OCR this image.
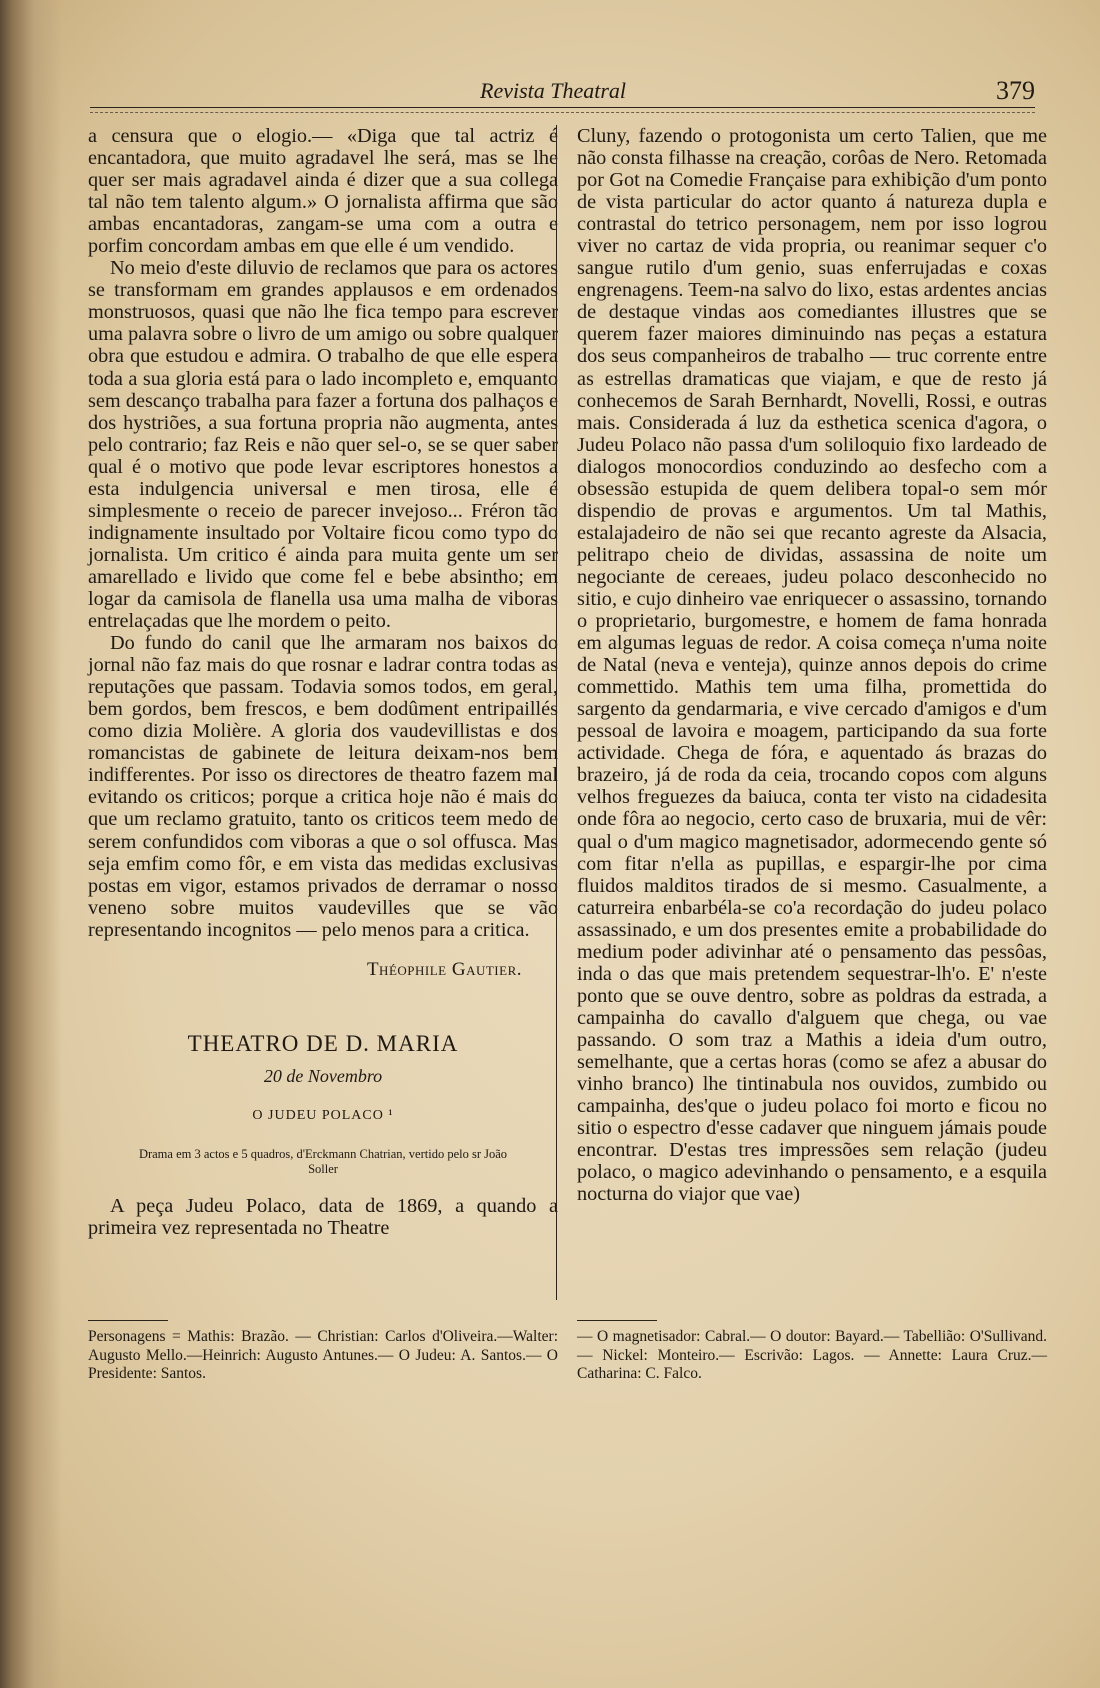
Revista Theatral	379

a censura que o elogio.— «Diga que tal actriz é encantadora, que muito agradavel lhe será, mas se lhe quer ser mais agradavel ainda é dizer que a sua collega tal não tem talento algum.» O jornalista affirma que são ambas encantadoras, zangam-se uma com a outra e porfim concordam ambas em que elle é um vendido.

No meio d'este diluvio de reclamos que para os actores se transformam em grandes applausos e em ordenados monstruosos, quasi que não lhe fica tempo para escrever uma palavra sobre o livro de um amigo ou sobre qualquer obra que estudou e admira. O trabalho de que elle espera toda a sua gloria está para o lado incompleto e, emquanto sem descanço trabalha para fazer a fortuna dos palhaços e dos hystriões, a sua fortuna propria não augmenta, antes pelo contrario; faz Reis e não quer sel-o, se se quer saber qual é o motivo que pode levar escriptores honestos a esta indulgencia universal e men tirosa, elle é simplesmente o receio de parecer invejoso... Fréron tão indignamente insultado por Voltaire ficou como typo do jornalista. Um critico é ainda para muita gente um ser amarellado e livido que come fel e bebe absintho; em logar da camisola de flanella usa uma malha de viboras entrelaçadas que lhe mordem o peito.

Do fundo do canil que lhe armaram nos baixos do jornal não faz mais do que rosnar e ladrar contra todas as reputações que passam. Todavia somos todos, em geral, bem gordos, bem frescos, e bem dodûment entripaillés como dizia Molière. A gloria dos vaudevillistas e dos romancistas de gabinete de leitura deixam-nos bem indifferentes. Por isso os directores de theatro fazem mal evitando os criticos; porque a critica hoje não é mais do que um reclamo gratuito, tanto os criticos teem medo de serem confundidos com viboras a que o sol offusca. Mas seja emfim como fôr, e em vista das medidas exclusivas postas em vigor, estamos privados de derramar o nosso veneno sobre muitos vaudevilles que se vão representando incognitos — pelo menos para a critica.

Théophile Gautier.
THEATRO DE D. MARIA
20 de Novembro
O JUDEU POLACO ¹
Drama em 3 actos e 5 quadros, d'Erckmann Chatrian, vertido pelo sr João Soller

A peça Judeu Polaco, data de 1869, a quando a primeira vez representada no Theatre

Cluny, fazendo o protogonista um certo Talien, que me não consta filhasse na creação, corôas de Nero. Retomada por Got na Comedie Française para exhibição d'um ponto de vista particular do actor quanto á natureza dupla e contrastal do tetrico personagem, nem por isso logrou viver no cartaz de vida propria, ou reanimar sequer c'o sangue rutilo d'um genio, suas enferrujadas e coxas engrenagens. Teem-na salvo do lixo, estas ardentes ancias de destaque vindas aos comediantes illustres que se querem fazer maiores diminuindo nas peças a estatura dos seus companheiros de trabalho — truc corrente entre as estrellas dramaticas que viajam, e que de resto já conhecemos de Sarah Bernhardt, Novelli, Rossi, e outras mais. Considerada á luz da esthetica scenica d'agora, o Judeu Polaco não passa d'um soliloquio fixo lardeado de dialogos monocordios conduzindo ao desfecho com a obsessão estupida de quem delibera topal-o sem mór dispendio de provas e argumentos. Um tal Mathis, estalajadeiro de não sei que recanto agreste da Alsacia, pelitrapo cheio de dividas, assassina de noite um negociante de cereaes, judeu polaco desconhecido no sitio, e cujo dinheiro vae enriquecer o assassino, tornando o proprietario, burgomestre, e homem de fama honrada em algumas leguas de redor. A coisa começa n'uma noite de Natal (neva e venteja), quinze annos depois do crime commettido. Mathis tem uma filha, promettida do sargento da gendarmaria, e vive cercado d'amigos e d'um pessoal de lavoira e moagem, participando da sua forte actividade. Chega de fóra, e aquentado ás brazas do brazeiro, já de roda da ceia, trocando copos com alguns velhos freguezes da baiuca, conta ter visto na cidadesita onde fôra ao negocio, certo caso de bruxaria, mui de vêr: qual o d'um magico magnetisador, adormecendo gente só com fitar n'ella as pupillas, e espargir-lhe por cima fluidos malditos tirados de si mesmo. Casualmente, a caturreira enbarbéla-se co'a recordação do judeu polaco assassinado, e um dos presentes emite a probabilidade do medium poder adivinhar até o pensamento das pessôas, inda o das que mais pretendem sequestrar-lh'o. E' n'este ponto que se ouve dentro, sobre as poldras da estrada, a campainha do cavallo d'alguem que chega, ou vae passando. O som traz a Mathis a ideia d'um outro, semelhante, que a certas horas (como se afez a abusar do vinho branco) lhe tintinabula nos ouvidos, zumbido ou campainha, des'que o judeu polaco foi morto e ficou no sitio o espectro d'esse cadaver que ninguem jámais poude encontrar. D'estas tres impressões sem relação (judeu polaco, o magico adevinhando o pensamento, e a esquila nocturna do viajor que vae)

Personagens = Mathis: Brazão. — Christian: Carlos d'Oliveira.—Walter: Augusto Mello.—Heinrich: Augusto Antunes.— O Judeu: A. Santos.— O Presidente: Santos.
— O magnetisador: Cabral.— O doutor: Bayard.— Tabellião: O'Sullivand.— Nickel: Monteiro.— Escrivão: Lagos. — Annette: Laura Cruz.— Catharina: C. Falco.
